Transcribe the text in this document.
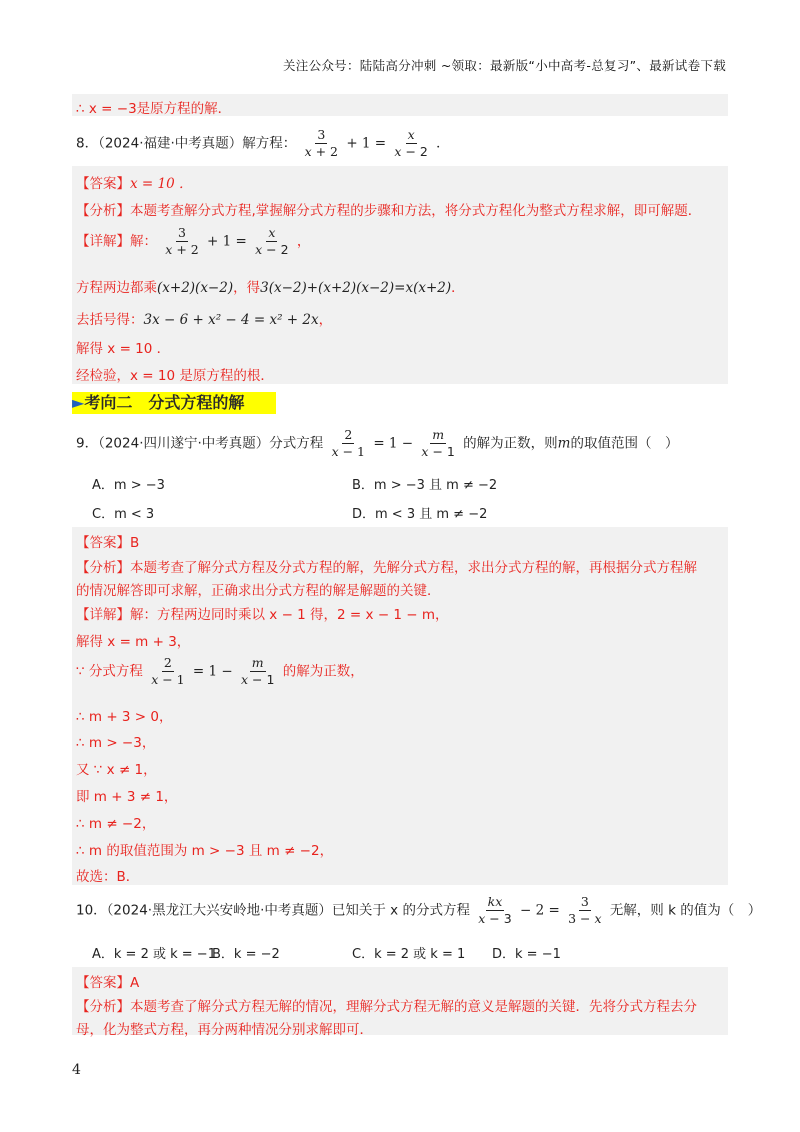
关注公众号：陆陆高分冲刺 ~领取：最新版“小中高考-总复习”、最新试卷下载
∴ x = −3是原方程的解．
8．（2024·福建·中考真题）解方程： $\frac{3}{x + 2} + 1 = \frac{x}{x - 2}$ ．
【答案】x = 10 ．
【分析】本题考查解分式方程,掌握解分式方程的步骤和方法，将分式方程化为整式方程求解，即可解题．
【详解】解： $\frac{3}{x + 2} + 1 = \frac{x}{x - 2}$ ，
方程两边都乘(x+2)(x−2)，得3(x−2)+(x+2)(x−2)=x(x+2)．
去括号得：3x − 6 + x² − 4 = x² + 2x，
解得 x = 10 ．
经检验，x = 10 是原方程的根．
►考向二　分式方程的解
9．（2024·四川遂宁·中考真题）分式方程 $\frac{2}{x - 1} = 1 - \frac{m}{x - 1}$ 的解为正数，则m的取值范围（　）
A．m > −3	B．m > −3 且 m ≠ −2
C．m < 3	D．m < 3 且 m ≠ −2
【答案】B
【分析】本题考查了解分式方程及分式方程的解，先解分式方程，求出分式方程的解，再根据分式方程解
的情况解答即可求解，正确求出分式方程的解是解题的关键．
【详解】解：方程两边同时乘以 x − 1 得，2 = x − 1 − m，
解得 x = m + 3，
∵ 分式方程 $\frac{2}{x - 1} = 1 - \frac{m}{x - 1}$ 的解为正数，
∴ m + 3 > 0，
∴ m > −3，
又 ∵ x ≠ 1，
即 m + 3 ≠ 1，
∴ m ≠ −2，
∴ m 的取值范围为 m > −3 且 m ≠ −2，
故选：B．
10．（2024·黑龙江大兴安岭地·中考真题）已知关于 x 的分式方程 $\frac{kx}{x - 3} - 2 = \frac{3}{3 - x}$ 无解，则 k 的值为（　）
A．k = 2 或 k = −1
B．k = −2	C．k = 2 或 k = 1 D．k = −1
【答案】A
【分析】本题考查了解分式方程无解的情况，理解分式方程无解的意义是解题的关键．先将分式方程去分
母，化为整式方程，再分两种情况分别求解即可．
4
